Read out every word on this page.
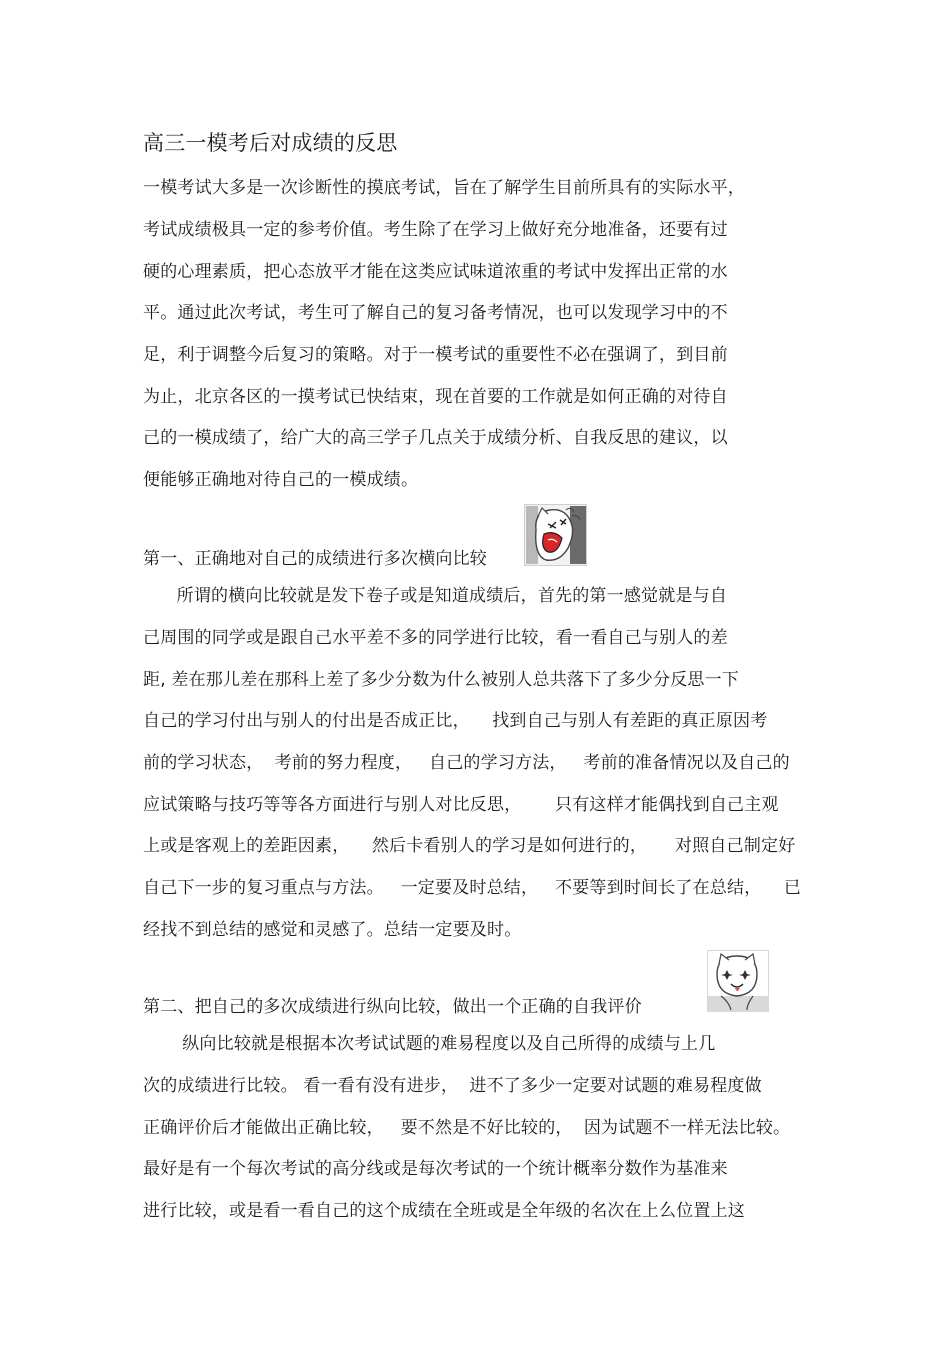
高三一模考后对成绩的反思
一模考试大多是一次诊断性的摸底考试，旨在了解学生目前所具有的实际水平，
考试成绩极具一定的参考价值。考生除了在学习上做好充分地准备，还要有过
硬的心理素质，把心态放平才能在这类应试味道浓重的考试中发挥出正常的水
平。通过此次考试，考生可了解自己的复习备考情况，也可以发现学习中的不
足，利于调整今后复习的策略。对于一模考试的重要性不必在强调了，到目前
为止，北京各区的一摸考试已快结束，现在首要的工作就是如何正确的对待自
己的一模成绩了，给广大的高三学子几点关于成绩分析、自我反思的建议，以
便能够正确地对待自己的一模成绩。
第一、正确地对自己的成绩进行多次横向比较
所谓的横向比较就是发下卷子或是知道成绩后，首先的第一感觉就是与自
己周围的同学或是跟自己水平差不多的同学进行比较，看一看自己与别人的差
距, 差在那儿差在那科上差了多少分数为什么被别人总共落下了多少分反思一下
自己的学习付出与别人的付出是否成正比，    找到自己与别人有差距的真正原因考
前的学习状态，  考前的努力程度，   自己的学习方法，   考前的准备情况以及自己的
应试策略与技巧等等各方面进行与别人对比反思，      只有这样才能偶找到自己主观
上或是客观上的差距因素，    然后卡看别人的学习是如何进行的，     对照自己制定好
自己下一步的复习重点与方法。   一定要及时总结，   不要等到时间长了在总结，    已
经找不到总结的感觉和灵感了。总结一定要及时。
第二、把自己的多次成绩进行纵向比较，做出一个正确的自我评价
纵向比较就是根据本次考试试题的难易程度以及自己所得的成绩与上几
次的成绩进行比较。 看一看有没有进步，  进不了多少一定要对试题的难易程度做
正确评价后才能做出正确比较，   要不然是不好比较的，  因为试题不一样无法比较。
最好是有一个每次考试的高分线或是每次考试的一个统计概率分数作为基准来
进行比较，或是看一看自己的这个成绩在全班或是全年级的名次在上么位置上这
